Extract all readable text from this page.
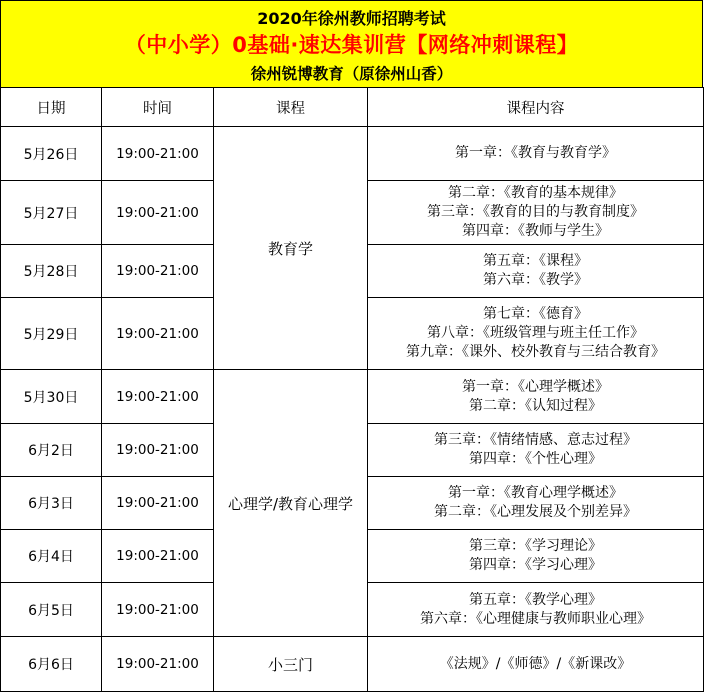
2020年徐州教师招聘考试
（中小学）0基础·速达集训营【网络冲刺课程】
徐州锐博教育（原徐州山香）
日期	时间	课程	课程内容
5月26日	19:00-21:00	教育学	第一章：《教育与教育学》

5月27日	19:00-21:00		第二章：《教育的基本规律》
第三章：《教育的目的与教育制度》
第四章：《教师与学生》

5月28日	19:00-21:00		第五章：《课程》
第六章：《教学》

5月29日	19:00-21:00		第七章：《德育》
第八章：《班级管理与班主任工作》
第九章：《课外、校外教育与三结合教育》

5月30日	19:00-21:00	心理学/教育心理学	第一章：《心理学概述》
第二章：《认知过程》

6月2日	19:00-21:00		第三章：《情绪情感、意志过程》
第四章：《个性心理》

6月3日	19:00-21:00		第一章：《教育心理学概述》
第二章：《心理发展及个别差异》

6月4日	19:00-21:00		第三章：《学习理论》
第四章：《学习心理》

6月5日	19:00-21:00		第五章：《教学心理》
第六章：《心理健康与教师职业心理》

6月6日	19:00-21:00	小三门	《法规》/《师德》/《新课改》
